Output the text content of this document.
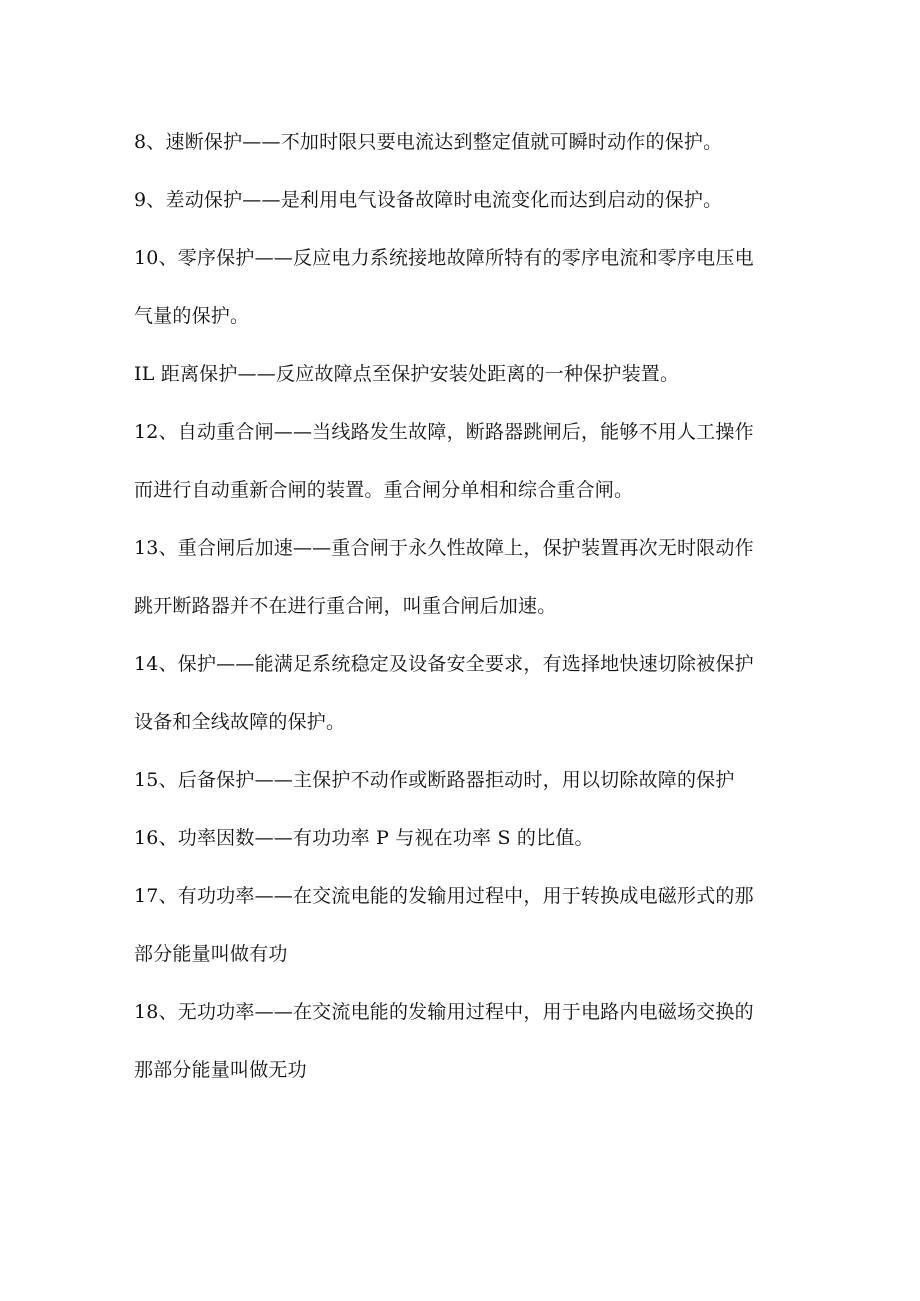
8、速断保护——不加时限只要电流达到整定值就可瞬时动作的保护。

9、差动保护——是利用电气设备故障时电流变化而达到启动的保护。

10、零序保护——反应电力系统接地故障所特有的零序电流和零序电压电
气量的保护。

IL 距离保护——反应故障点至保护安装处距离的一种保护装置。

12、自动重合闸——当线路发生故障，断路器跳闸后，能够不用人工操作
而进行自动重新合闸的装置。重合闸分单相和综合重合闸。

13、重合闸后加速——重合闸于永久性故障上，保护装置再次无时限动作
跳开断路器并不在进行重合闸，叫重合闸后加速。

14、保护——能满足系统稳定及设备安全要求，有选择地快速切除被保护
设备和全线故障的保护。

15、后备保护——主保护不动作或断路器拒动时，用以切除故障的保护

16、功率因数——有功功率 P 与视在功率 S 的比值。

17、有功功率——在交流电能的发输用过程中，用于转换成电磁形式的那
部分能量叫做有功

18、无功功率——在交流电能的发输用过程中，用于电路内电磁场交换的
那部分能量叫做无功
